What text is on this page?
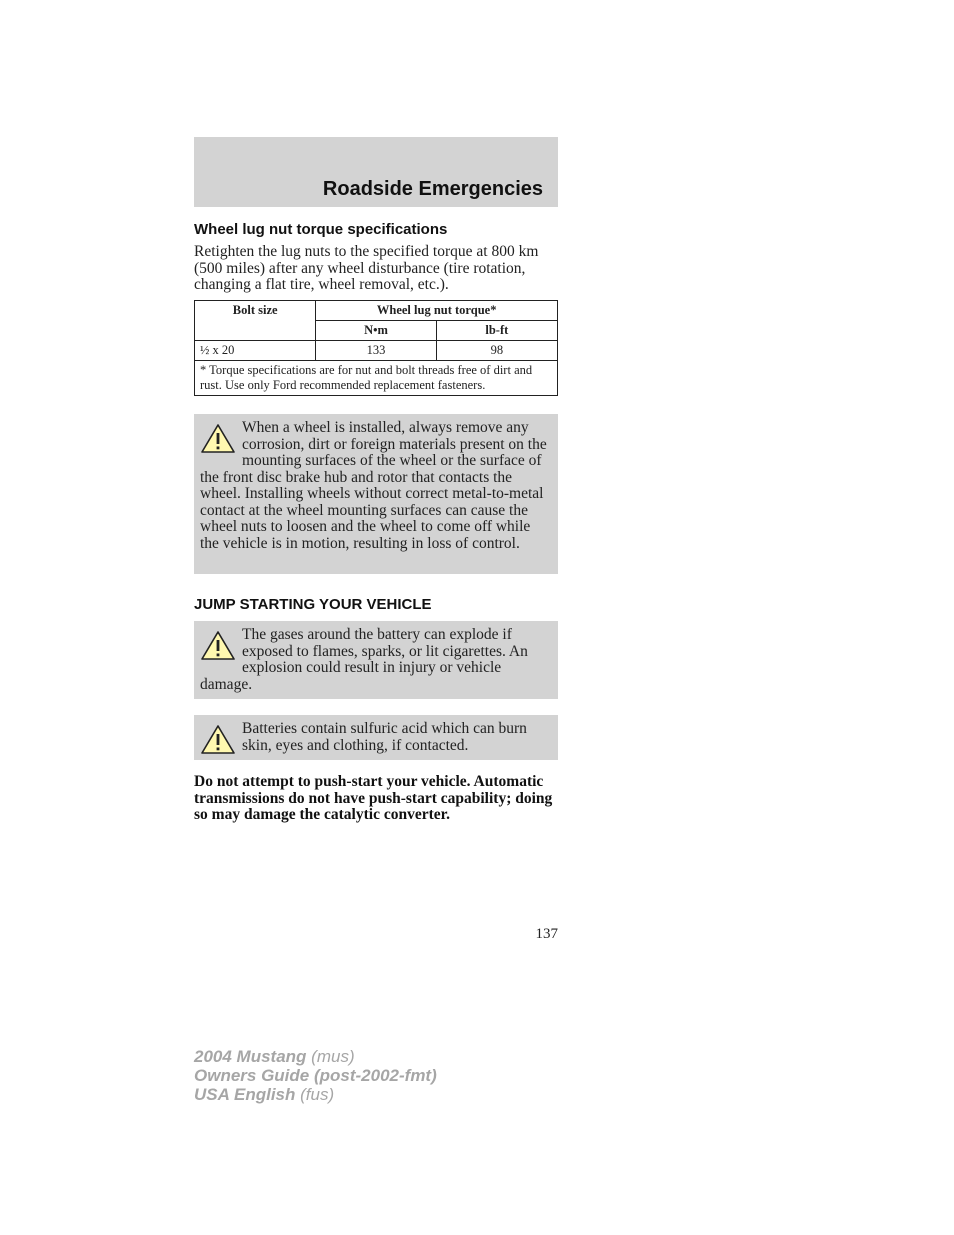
Roadside Emergencies
Wheel lug nut torque specifications
Retighten the lug nuts to the specified torque at 800 km (500 miles) after any wheel disturbance (tire rotation, changing a flat tire, wheel removal, etc.).
Bolt size	Wheel lug nut torque*	
	N•m	lb-ft
½ x 20	133	98
* Torque specifications are for nut and bolt threads free of dirt and rust. Use only Ford recommended replacement fasteners.		
When a wheel is installed, always remove any corrosion, dirt or foreign materials present on the mounting surfaces of the wheel or the surface of the front disc brake hub and rotor that contacts the wheel. Installing wheels without correct metal-to-metal contact at the wheel mounting surfaces can cause the wheel nuts to loosen and the wheel to come off while the vehicle is in motion, resulting in loss of control.
JUMP STARTING YOUR VEHICLE
The gases around the battery can explode if exposed to flames, sparks, or lit cigarettes. An explosion could result in injury or vehicle damage.
Batteries contain sulfuric acid which can burn skin, eyes and clothing, if contacted.
Do not attempt to push-start your vehicle. Automatic transmissions do not have push-start capability; doing so may damage the catalytic converter.
137
2004 Mustang (mus)
Owners Guide (post-2002-fmt)
USA English (fus)
